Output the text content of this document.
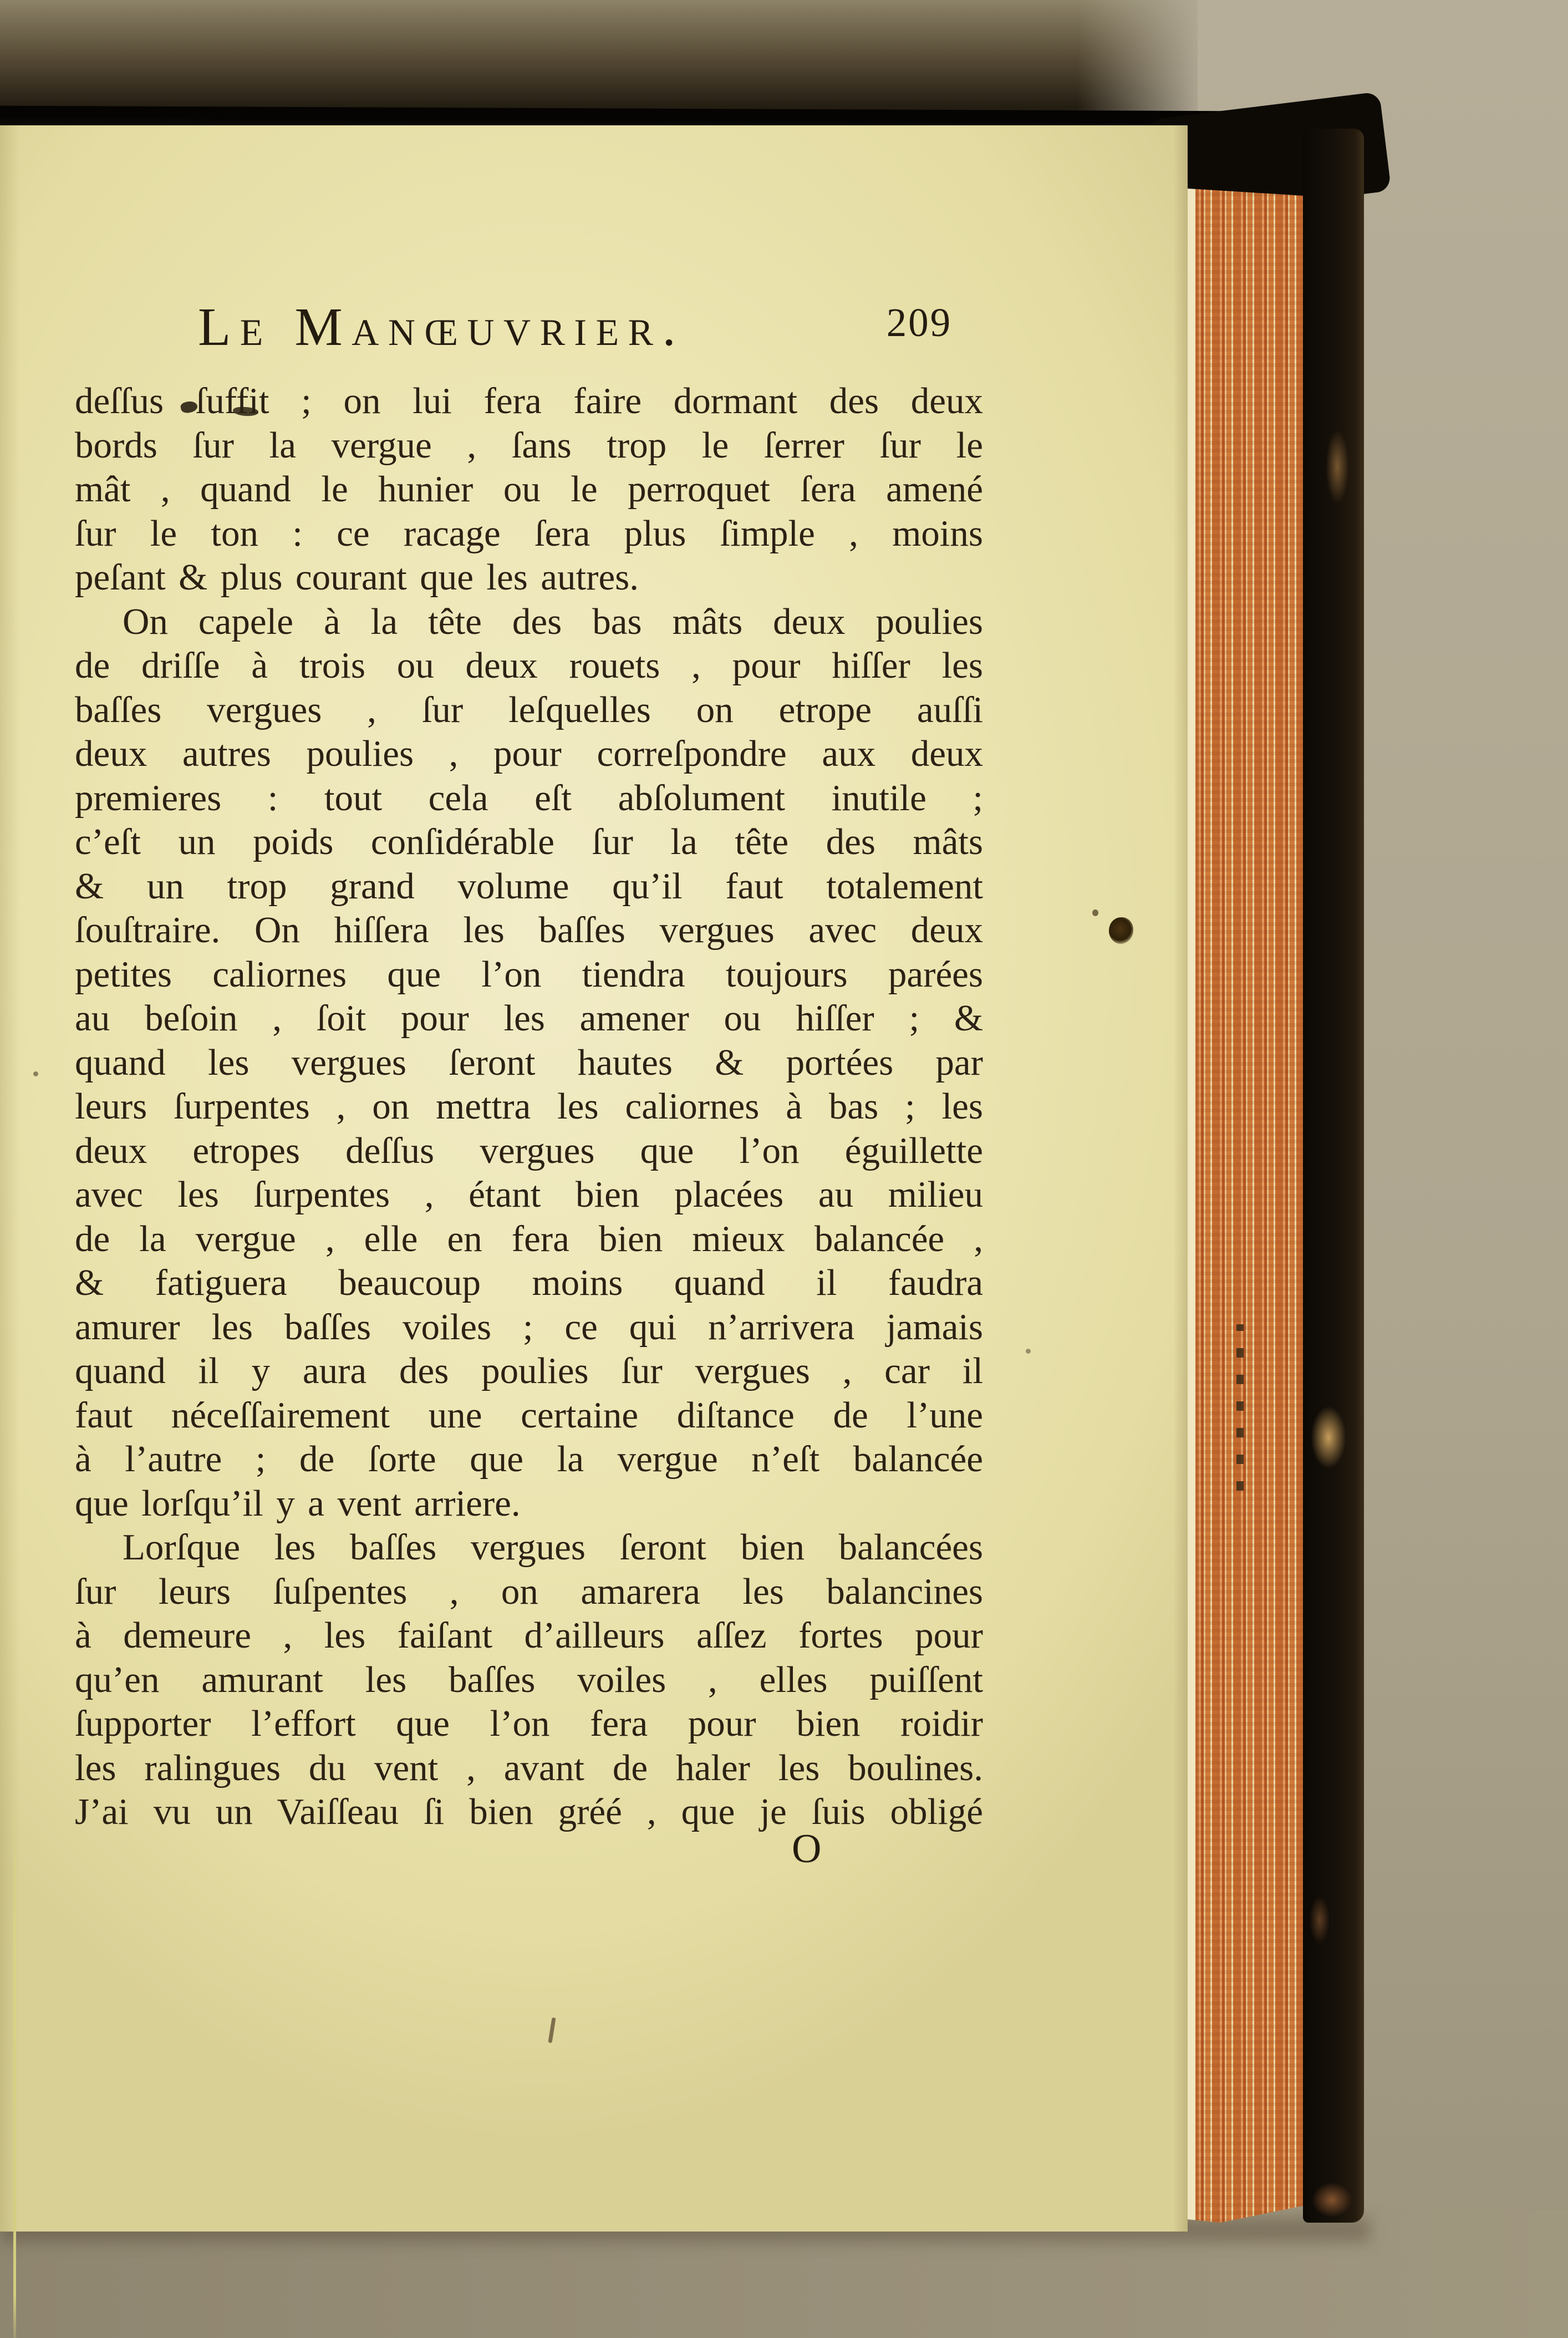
Le Manœuvrier.	209
deſſus ſuffit ; on lui fera faire dormant des deux
bords ſur la vergue , ſans trop le ſerrer ſur le
mât , quand le hunier ou le perroquet ſera amené
ſur le ton : ce racage ſera plus ſimple , moins
peſant & plus courant que les autres.
On capele à la tête des bas mâts deux poulies
de driſſe à trois ou deux rouets , pour hiſſer les
baſſes vergues , ſur leſquelles on etrope auſſi
deux autres poulies , pour correſpondre aux deux
premieres : tout cela eſt abſolument inutile ;
c’eſt un poids conſidérable ſur la tête des mâts
& un trop grand volume qu’il faut totalement
ſouſtraire. On hiſſera les baſſes vergues avec deux
petites caliornes que l’on tiendra toujours parées
au beſoin , ſoit pour les amener ou hiſſer ; &
quand les vergues ſeront hautes & portées par
leurs ſurpentes , on mettra les caliornes à bas ; les
deux etropes deſſus vergues que l’on éguillette
avec les ſurpentes , étant bien placées au milieu
de la vergue , elle en fera bien mieux balancée ,
& fatiguera beaucoup moins quand il faudra
amurer les baſſes voiles ; ce qui n’arrivera jamais
quand il y aura des poulies ſur vergues , car il
faut néceſſairement une certaine diſtance de l’une
à l’autre ; de ſorte que la vergue n’eſt balancée
que lorſqu’il y a vent arriere.
Lorſque les baſſes vergues ſeront bien balancées
ſur leurs ſuſpentes , on amarera les balancines
à demeure , les faiſant d’ailleurs aſſez fortes pour
qu’en amurant les baſſes voiles , elles puiſſent
ſupporter l’effort que l’on fera pour bien roidir
les ralingues du vent , avant de haler les boulines.
J’ai vu un Vaiſſeau ſi bien gréé , que je ſuis obligé
O
